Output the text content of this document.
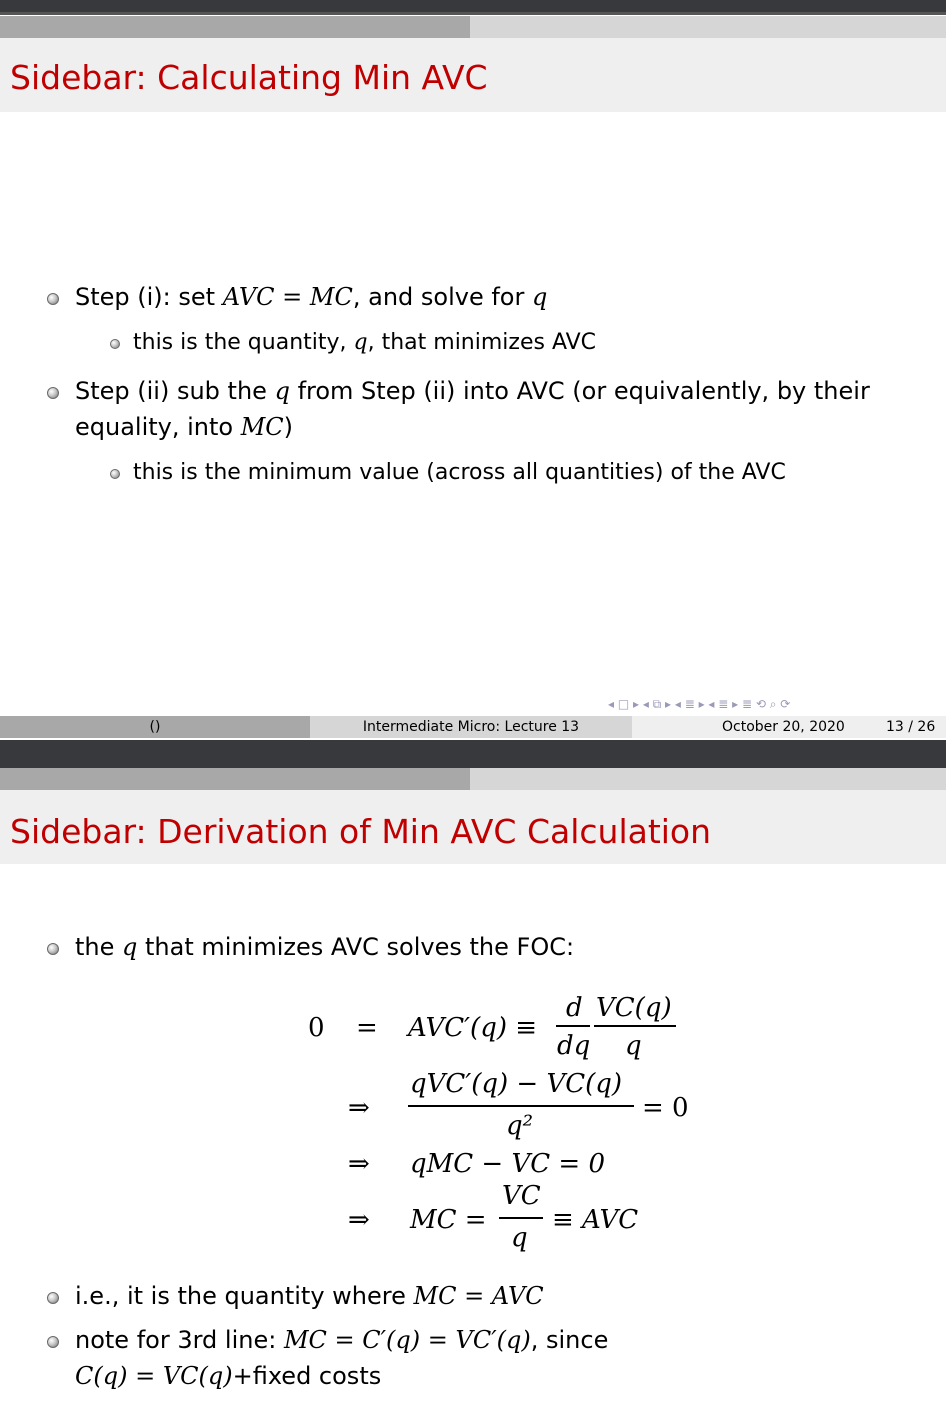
Sidebar: Calculating Min AVC
Step (i): set AVC = MC, and solve for q
this is the quantity, q, that minimizes AVC
Step (ii) sub the q from Step (ii) into AVC (or equivalently, by their
equality, into MC)
this is the minimum value (across all quantities) of the AVC
◂ □ ▸ ◂ ⧉ ▸ ◂ ≣ ▸ ◂ ≣ ▸ ≣ ⟲ ⌕ ⟳
()	Intermediate Micro: Lecture 13	October 20, 2020	13 / 26
Sidebar: Derivation of Min AVC Calculation
the q that minimizes AVC solves the FOC:
0 = AVC′(q) ≡
d
dq
VC(q)
q
⇒
qVC′(q) − VC(q)
q²
= 0
⇒ qMC − VC = 0
⇒ MC =
VC
q
≡ AVC
i.e., it is the quantity where MC = AVC
note for 3rd line: MC = C′(q) = VC′(q), since
C(q) = VC(q)+fixed costs
